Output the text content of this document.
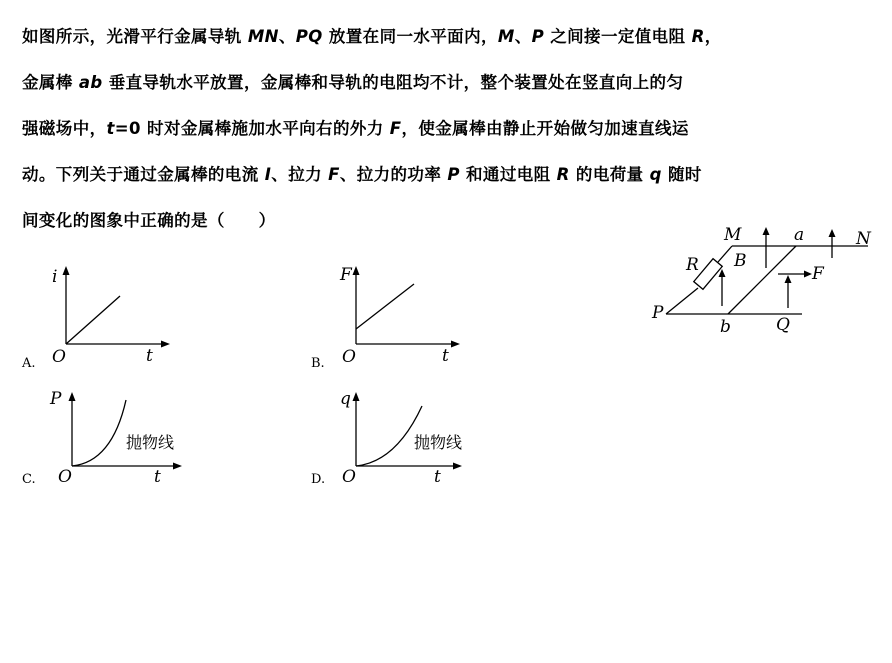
如图所示，光滑平行金属导轨 MN、PQ 放置在同一水平面内，M、P 之间接一定值电阻 R，

金属棒 ab 垂直导轨水平放置，金属棒和导轨的电阻均不计，整个装置处在竖直向上的匀

强磁场中，t=0 时对金属棒施加水平向右的外力 F，使金属棒由静止开始做匀加速直线运

动。下列关于通过金属棒的电流 I、拉力 F、拉力的功率 P 和通过电阻 R 的电荷量 q 随时

间变化的图象中正确的是（　　）

M	a	N
R B
F
P
b	Q
A.
i
t
O	B.
F
t
O
C.
P
t
O
抛物线
D.
q
t
O
抛物线
